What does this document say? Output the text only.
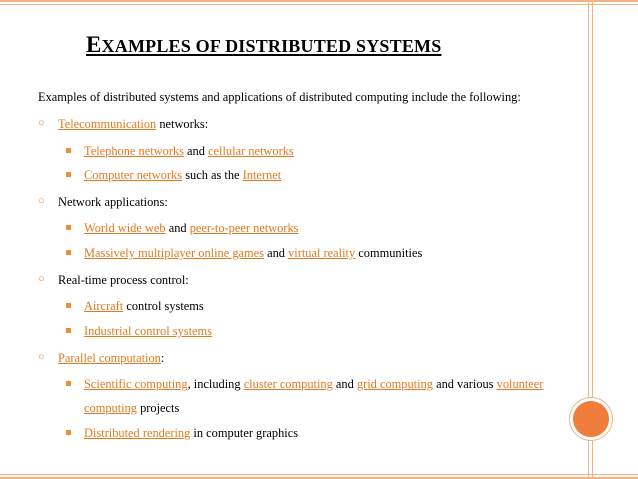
EXAMPLES OF DISTRIBUTED SYSTEMS
Examples of distributed systems and applications of distributed computing include the following:
○ Telecommunication networks:
Telephone networks and cellular networks
Computer networks such as the Internet
○ Network applications:
World wide web and peer-to-peer networks
Massively multiplayer online games and virtual reality communities
○ Real-time process control:
Aircraft control systems
Industrial control systems
○ Parallel computation:
Scientific computing, including cluster computing and grid computing and various volunteer
computing projects
Distributed rendering in computer graphics
